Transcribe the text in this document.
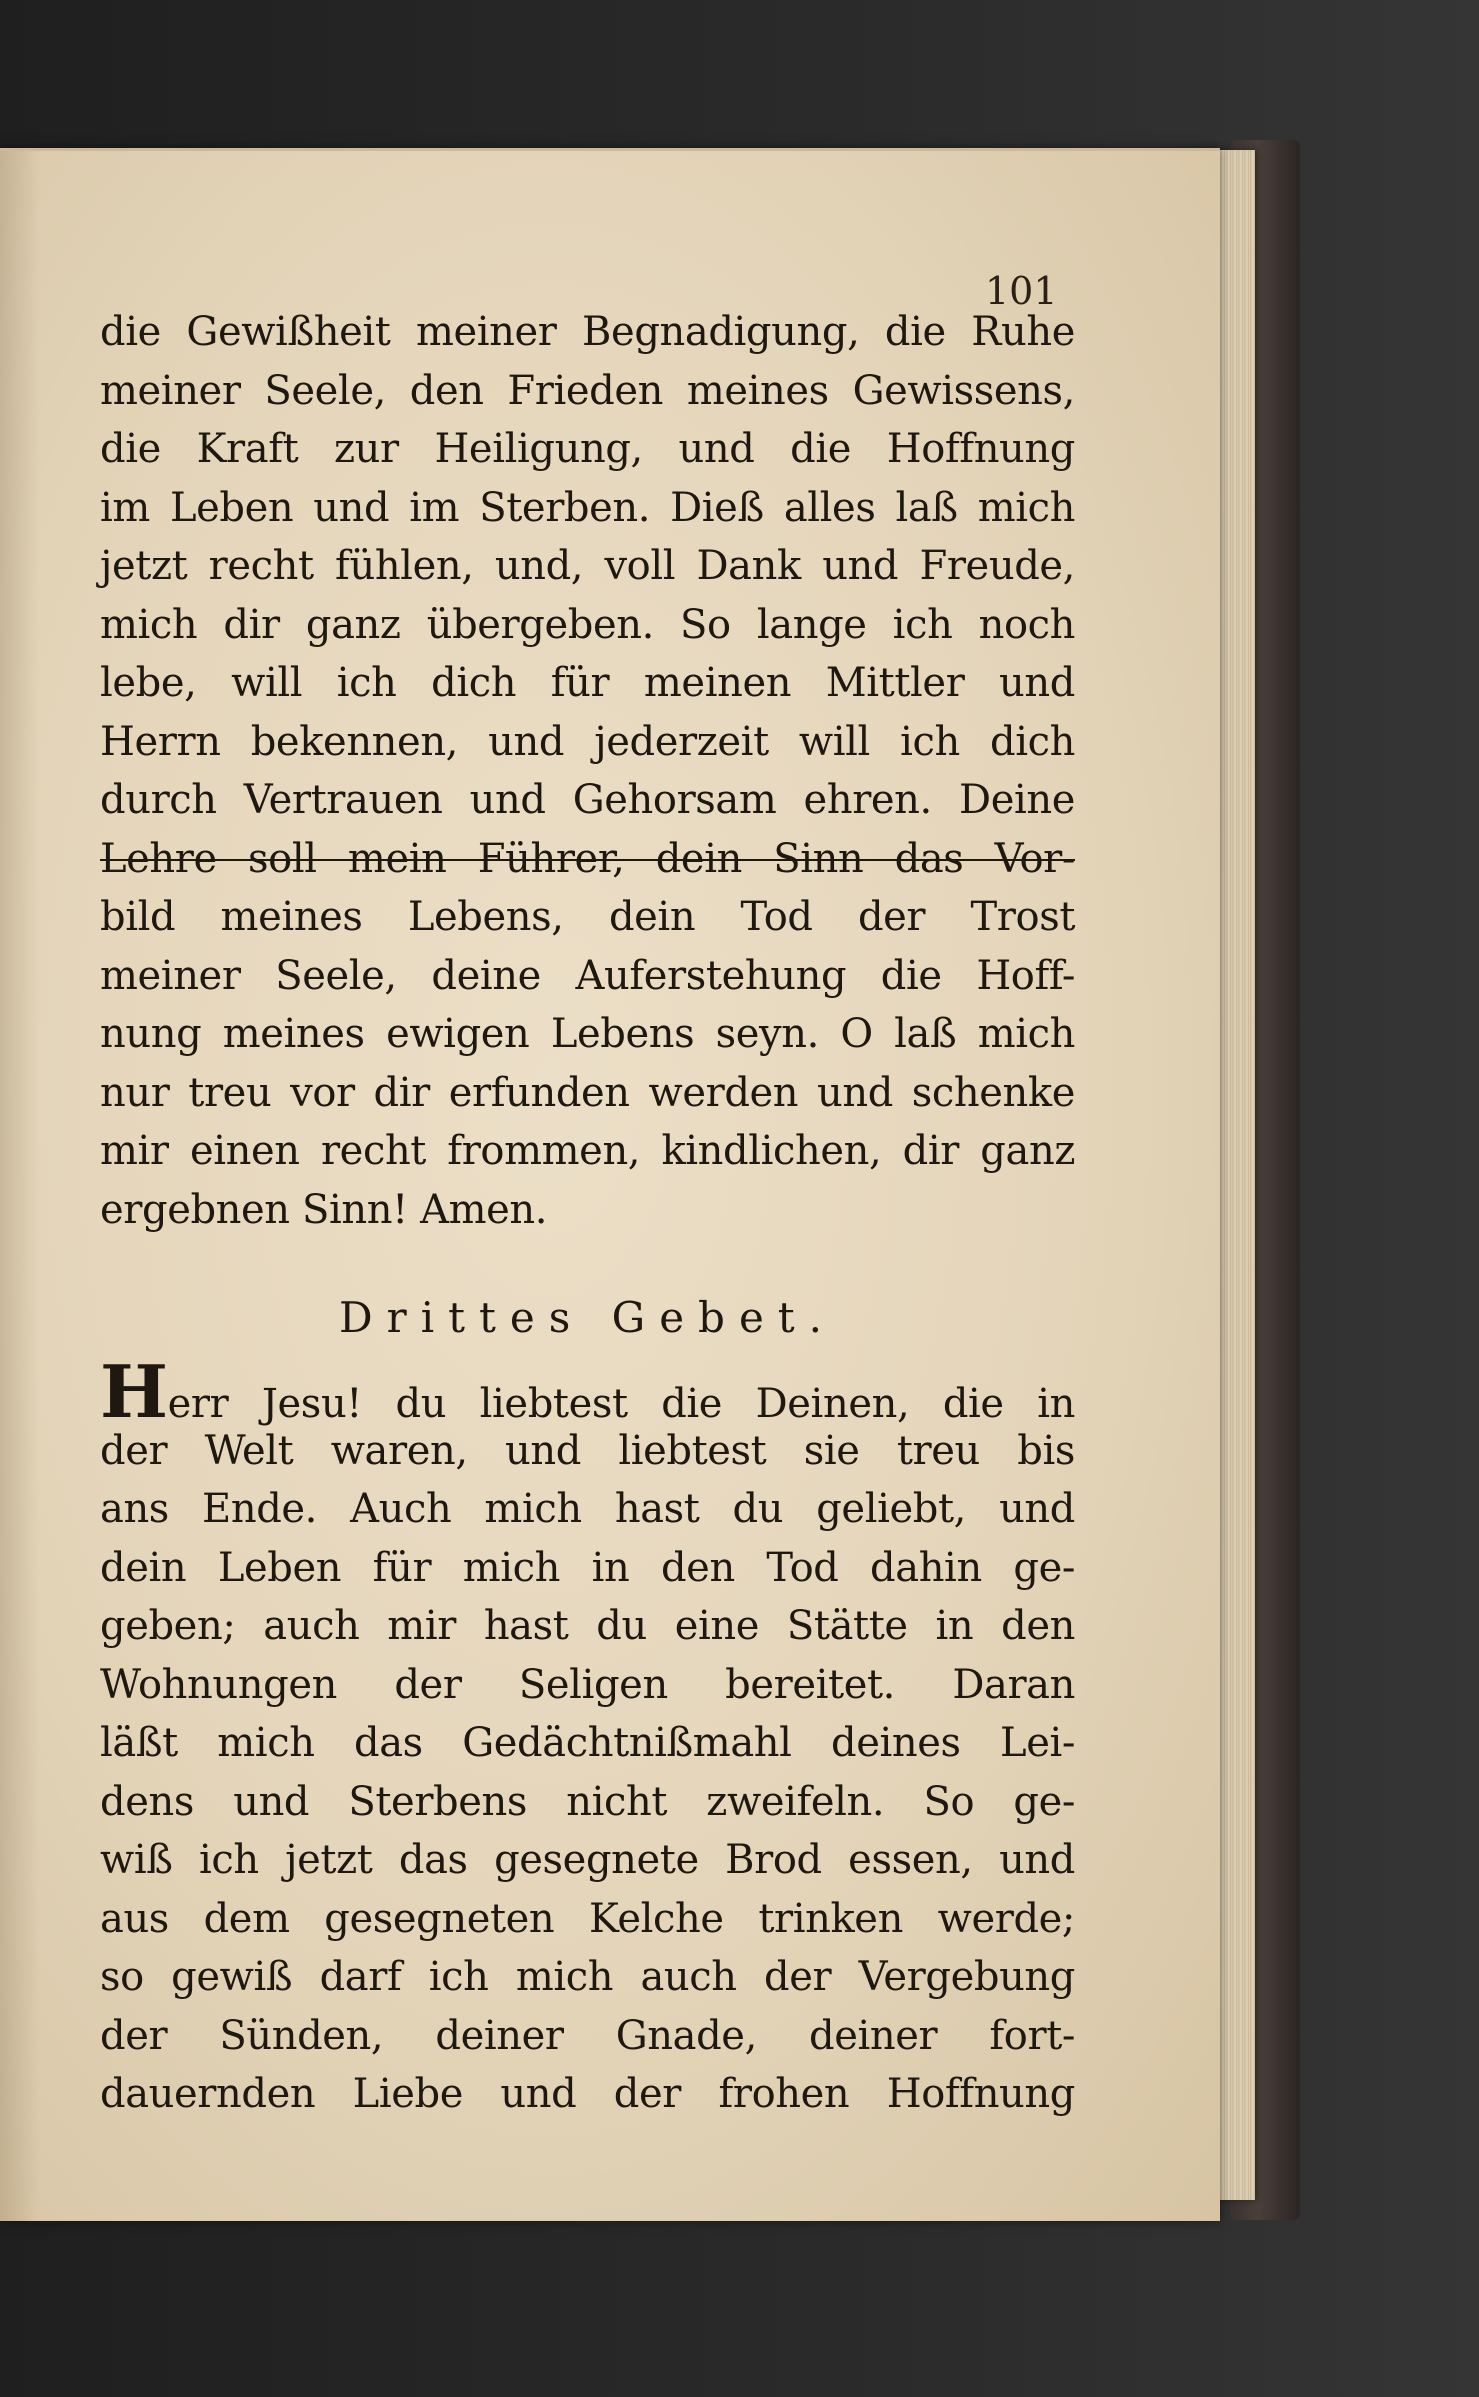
101
die Gewißheit meiner Begnadigung, die Ruhe
meiner Seele, den Frieden meines Gewissens,
die Kraft zur Heiligung, und die Hoffnung
im Leben und im Sterben. Dieß alles laß mich
jetzt recht fühlen, und, voll Dank und Freude,
mich dir ganz übergeben. So lange ich noch
lebe, will ich dich für meinen Mittler und
Herrn bekennen, und jederzeit will ich dich
durch Vertrauen und Gehorsam ehren. Deine
Lehre soll mein Führer, dein Sinn das Vor-
bild meines Lebens, dein Tod der Trost
meiner Seele, deine Auferstehung die Hoff-
nung meines ewigen Lebens seyn. O laß mich
nur treu vor dir erfunden werden und schenke
mir einen recht frommen, kindlichen, dir ganz
ergebnen Sinn! Amen.
Drittes Gebet.
Herr Jesu! du liebtest die Deinen, die in
der Welt waren, und liebtest sie treu bis
ans Ende. Auch mich hast du geliebt, und
dein Leben für mich in den Tod dahin ge-
geben; auch mir hast du eine Stätte in den
Wohnungen der Seligen bereitet. Daran
läßt mich das Gedächtnißmahl deines Lei-
dens und Sterbens nicht zweifeln. So ge-
wiß ich jetzt das gesegnete Brod essen, und
aus dem gesegneten Kelche trinken werde;
so gewiß darf ich mich auch der Vergebung
der Sünden, deiner Gnade, deiner fort-
dauernden Liebe und der frohen Hoffnung
